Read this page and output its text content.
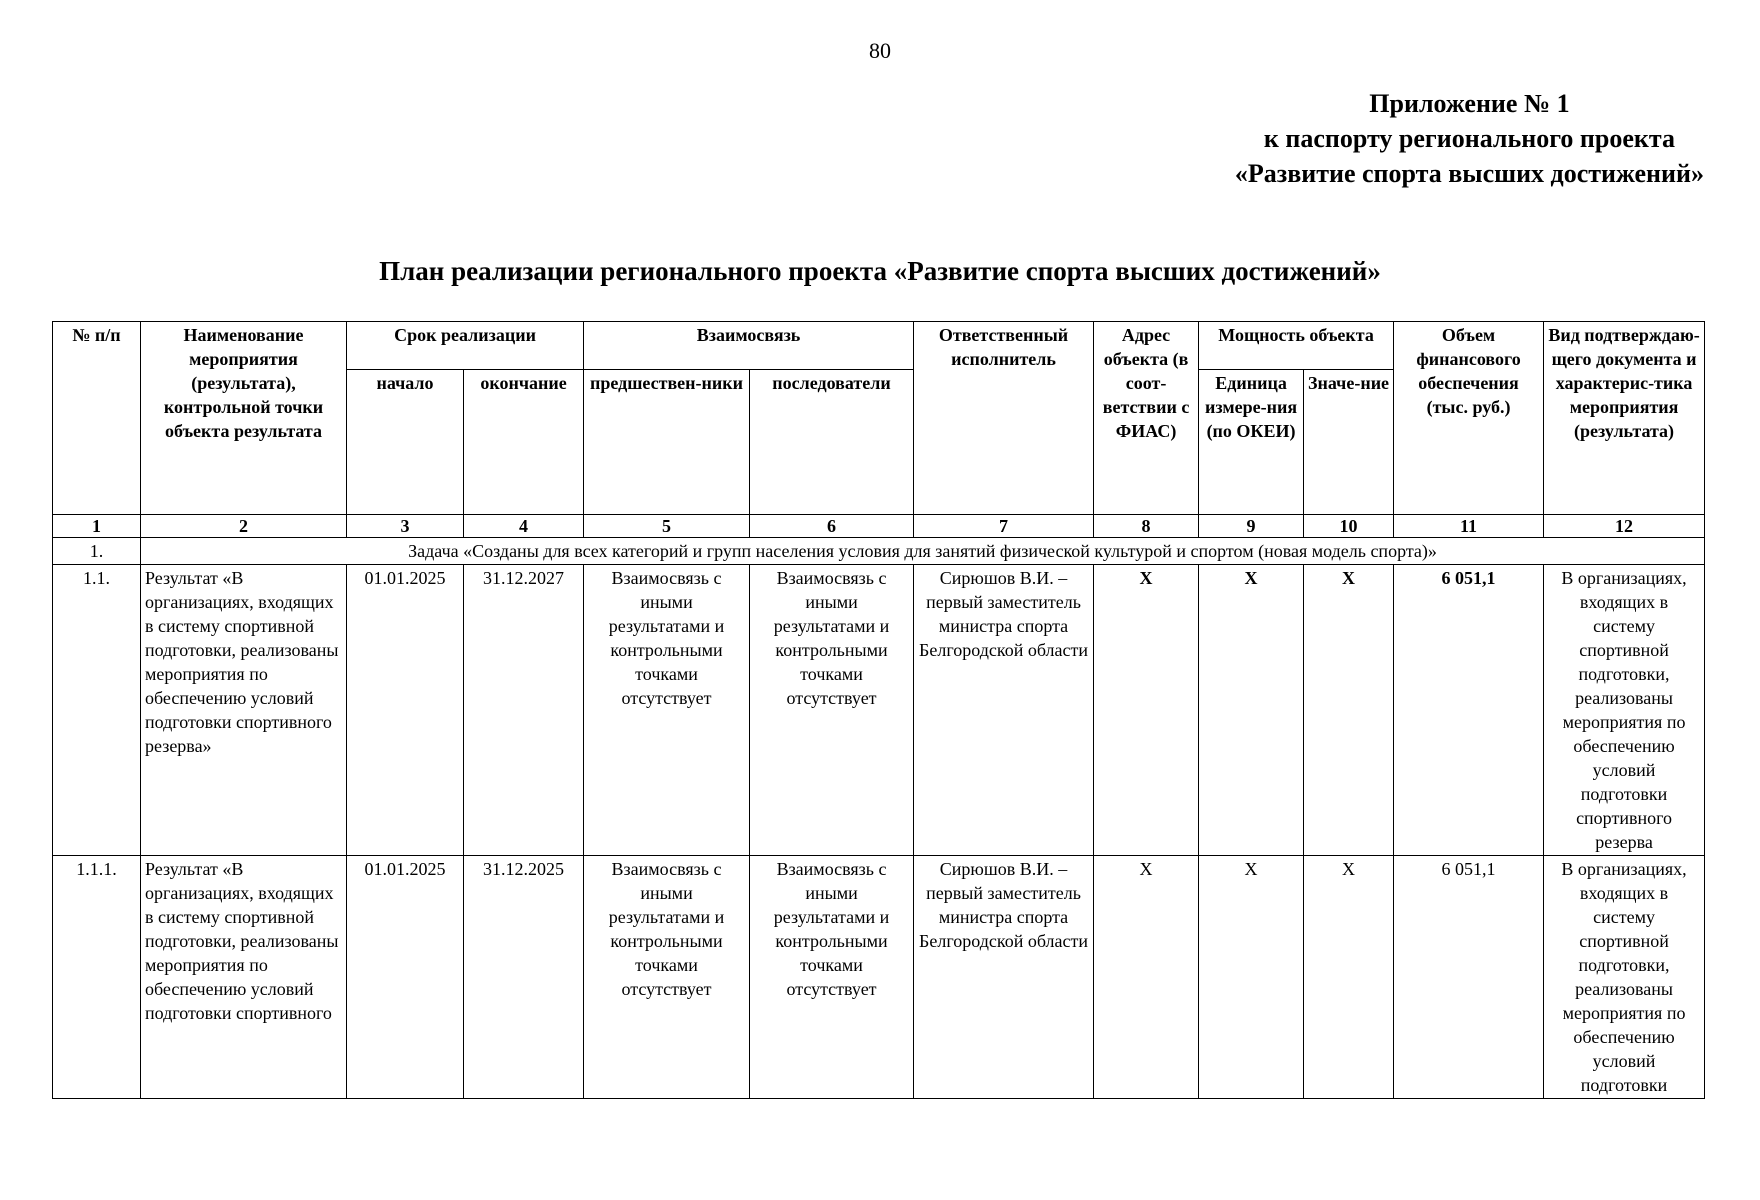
80
Приложение № 1
к паспорту регионального проекта
«Развитие спорта высших достижений»
План реализации регионального проекта «Развитие спорта высших достижений»
№ п/п	Наименование мероприятия (результата), контрольной точки объекта результата	Срок реализации		Взаимосвязь		Ответственный исполнитель	Адрес объекта (в соот-ветствии с ФИАС)	Мощность объекта		Объем финансового обеспечения (тыс. руб.)	Вид подтверждаю-щего документа и характерис-тика мероприятия (результата)
		начало	окончание	предшествен-ники	последователи			Единица измере-ния (по ОКЕИ)	Значе-ние		
1	2	3	4	5	6	7	8	9	10	11	12
1.	Задача «Созданы для всех категорий и групп населения условия для занятий физической культурой и спортом (новая модель спорта)»										
1.1.	Результат «В организациях, входящих в систему спортивной подготовки, реализованы мероприятия по обеспечению условий подготовки спортивного резерва»	01.01.2025	31.12.2027	Взаимосвязь с иными результатами и контрольными точками отсутствует	Взаимосвязь с иными результатами и контрольными точками отсутствует	Сирюшов В.И. – первый заместитель министра спорта Белгородской области	Х	Х	Х	6 051,1	В организациях, входящих в систему спортивной подготовки, реализованы мероприятия по обеспечению условий подготовки спортивного резерва
1.1.1.	Результат «В организациях, входящих в систему спортивной подготовки, реализованы мероприятия по обеспечению условий подготовки спортивного	01.01.2025	31.12.2025	Взаимосвязь с иными результатами и контрольными точками отсутствует	Взаимосвязь с иными результатами и контрольными точками отсутствует	Сирюшов В.И. – первый заместитель министра спорта Белгородской области	Х	Х	Х	6 051,1	В организациях, входящих в систему спортивной подготовки, реализованы мероприятия по обеспечению условий подготовки
